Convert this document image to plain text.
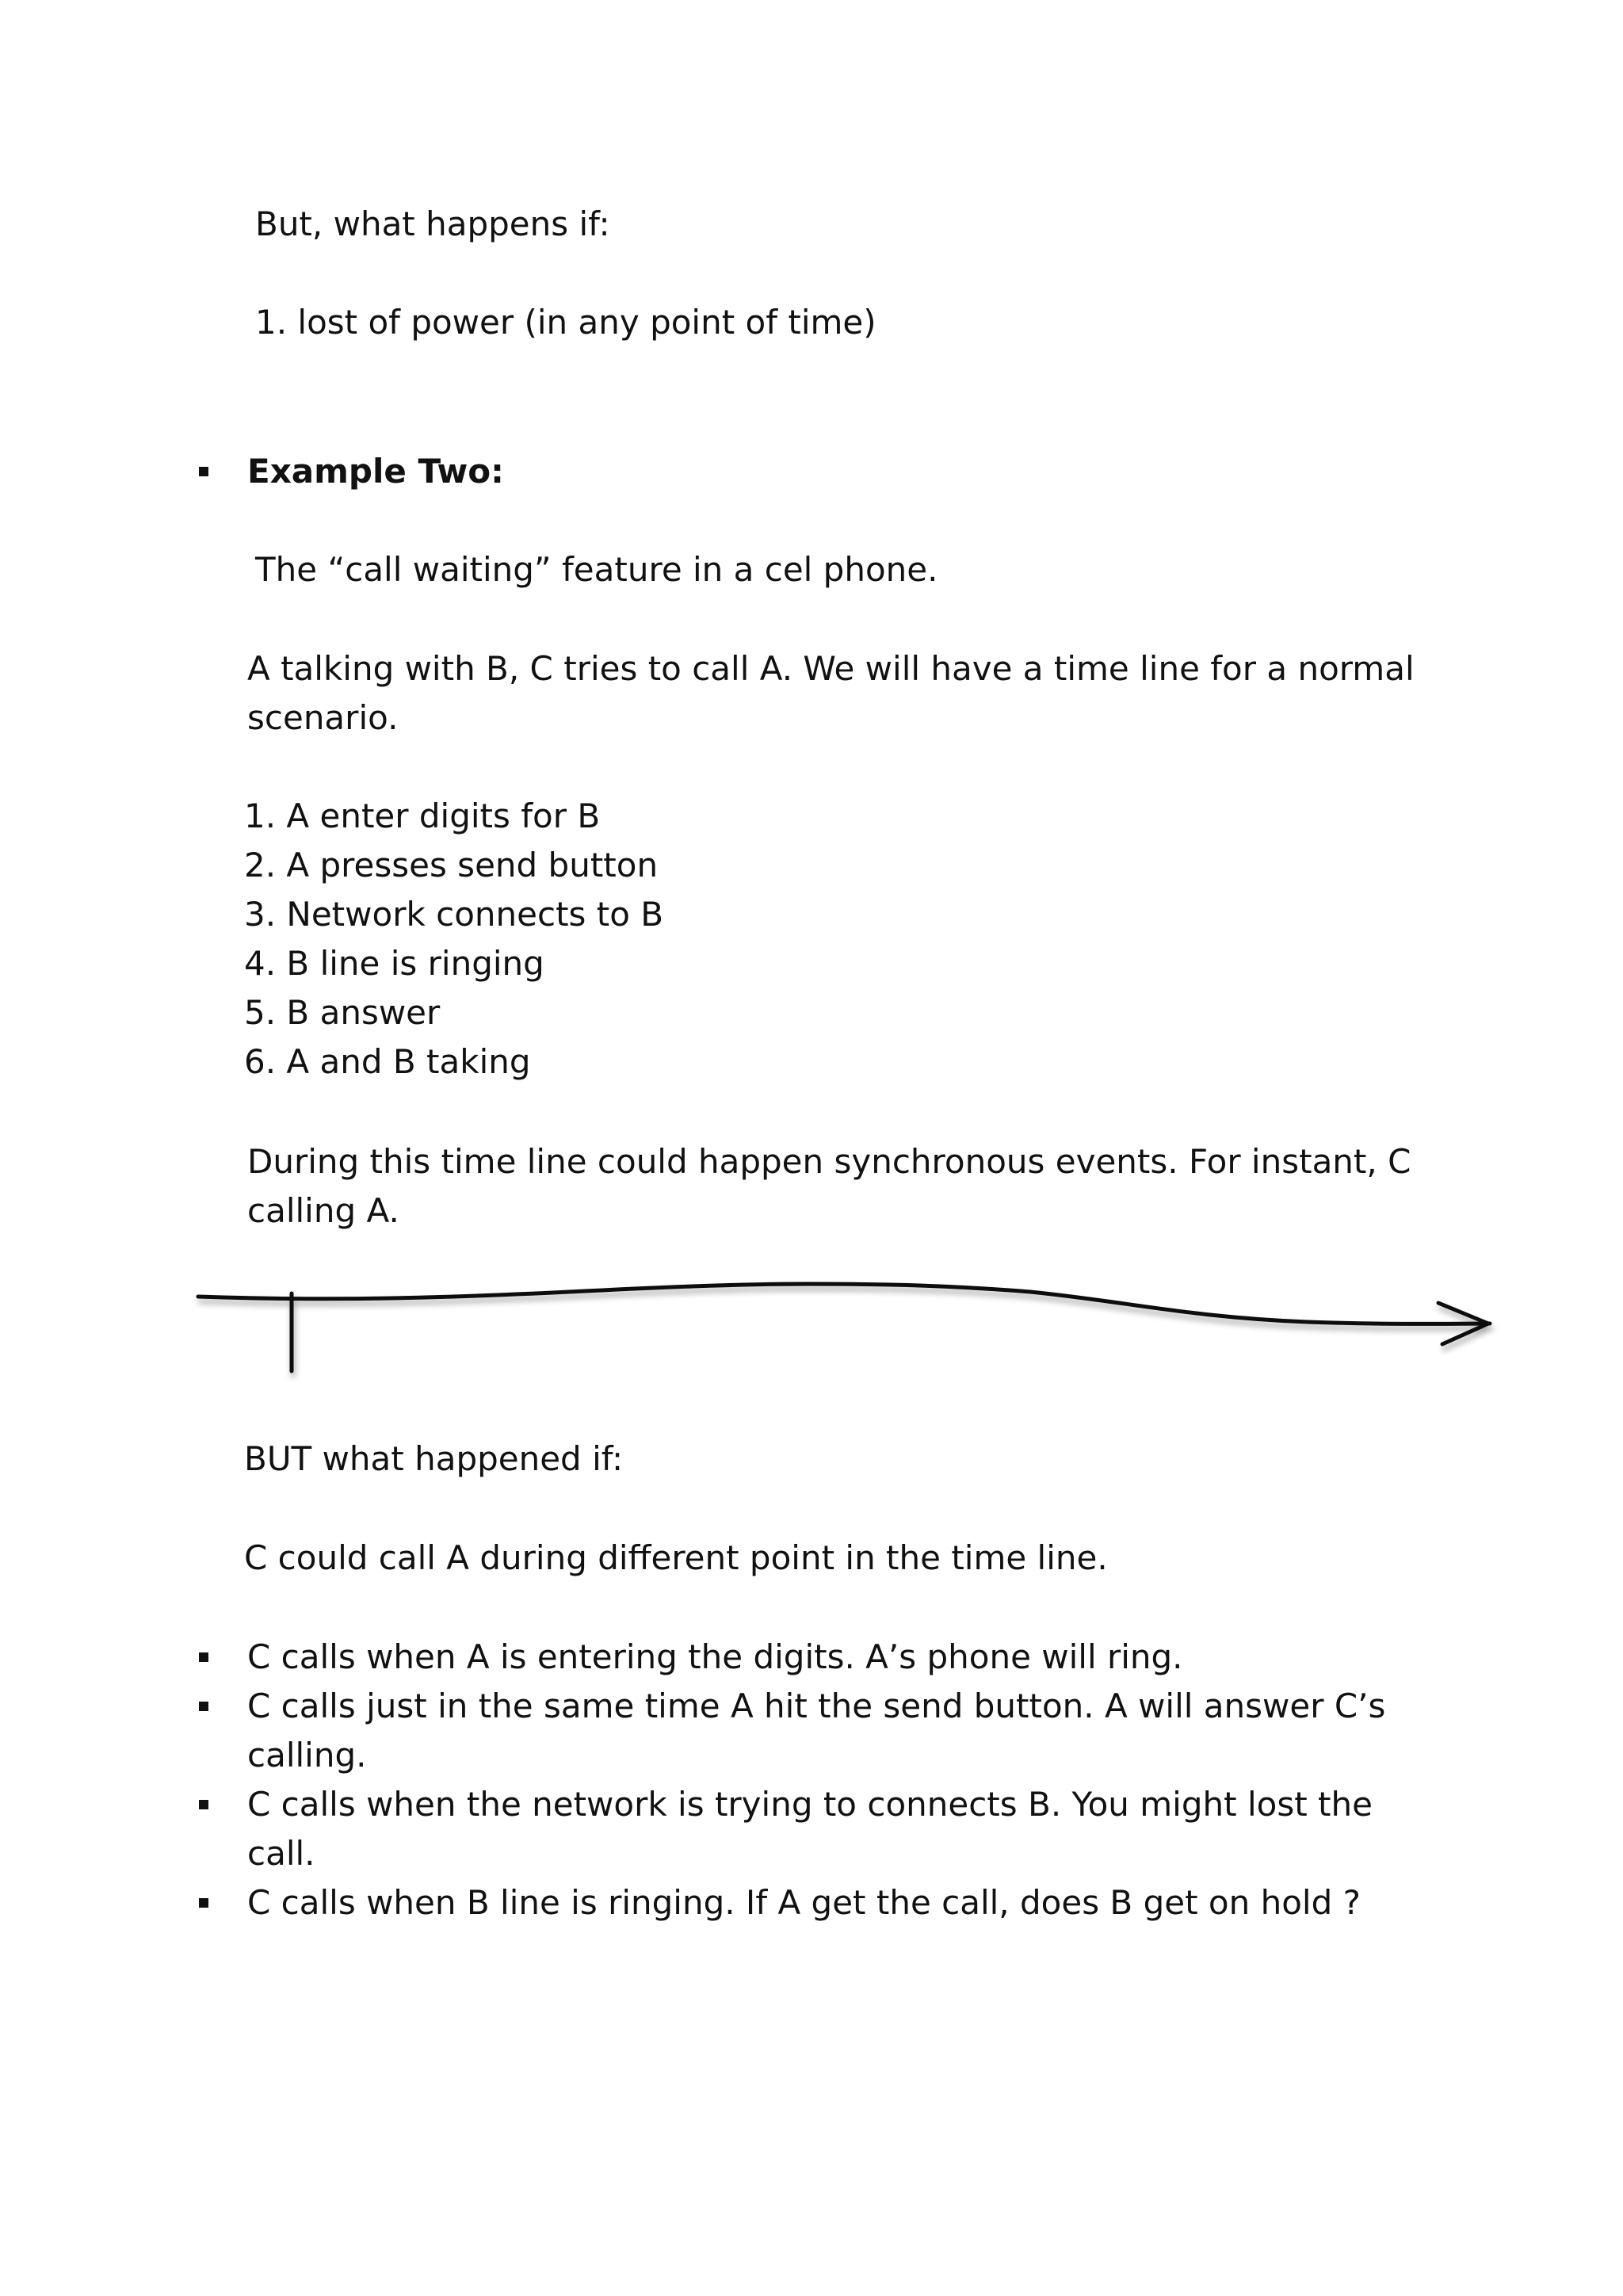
But, what happens if:

1. lost of power (in any point of time)

Example Two:

The “call waiting” feature in a cel phone.

A talking with B, C tries to call A. We will have a time line for a normal

scenario.

1. A enter digits for B
2. A presses send button
3. Network connects to B
4. B line is ringing
5. B answer
6. A and B taking

During this time line could happen synchronous events. For instant, C

calling A.

BUT what happened if:

C could call A during different point in the time line.

C calls when A is entering the digits. A’s phone will ring.

C calls just in the same time A hit the send button. A will answer C’s

calling.

C calls when the network is trying to connects B. You might lost the

call.

C calls when B line is ringing. If A get the call, does B get on hold ?
